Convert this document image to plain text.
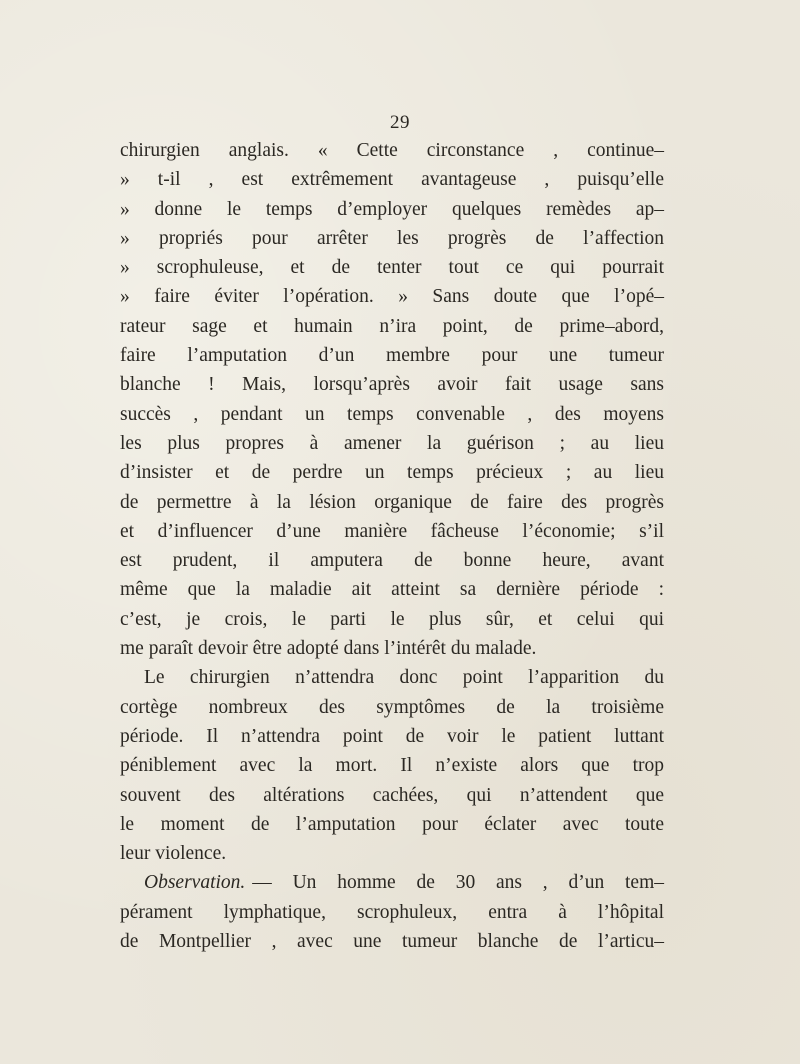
29
chirurgien anglais. « Cette circonstance , continue–
» t-il , est extrêmement avantageuse , puisqu’elle
» donne le temps d’employer quelques remèdes ap–
» propriés pour arrêter les progrès de l’affection
» scrophuleuse, et de tenter tout ce qui pourrait
» faire éviter l’opération. » Sans doute que l’opé–
rateur sage et humain n’ira point, de prime–abord,
faire l’amputation d’un membre pour une tumeur
blanche ! Mais, lorsqu’après avoir fait usage sans
succès , pendant un temps convenable , des moyens
les plus propres à amener la guérison ; au lieu
d’insister et de perdre un temps précieux ; au lieu
de permettre à la lésion organique de faire des progrès
et d’influencer d’une manière fâcheuse l’économie; s’il
est prudent, il amputera de bonne heure, avant
même que la maladie ait atteint sa dernière période :
c’est, je crois, le parti le plus sûr, et celui qui
me paraît devoir être adopté dans l’intérêt du malade.
Le chirurgien n’attendra donc point l’apparition du
cortège nombreux des symptômes de la troisième
période. Il n’attendra point de voir le patient luttant
péniblement avec la mort. Il n’existe alors que trop
souvent des altérations cachées, qui n’attendent que
le moment de l’amputation pour éclater avec toute
leur violence.
Observation. — Un homme de 30 ans , d’un tem–
pérament lymphatique, scrophuleux, entra à l’hôpital
de Montpellier , avec une tumeur blanche de l’articu–
